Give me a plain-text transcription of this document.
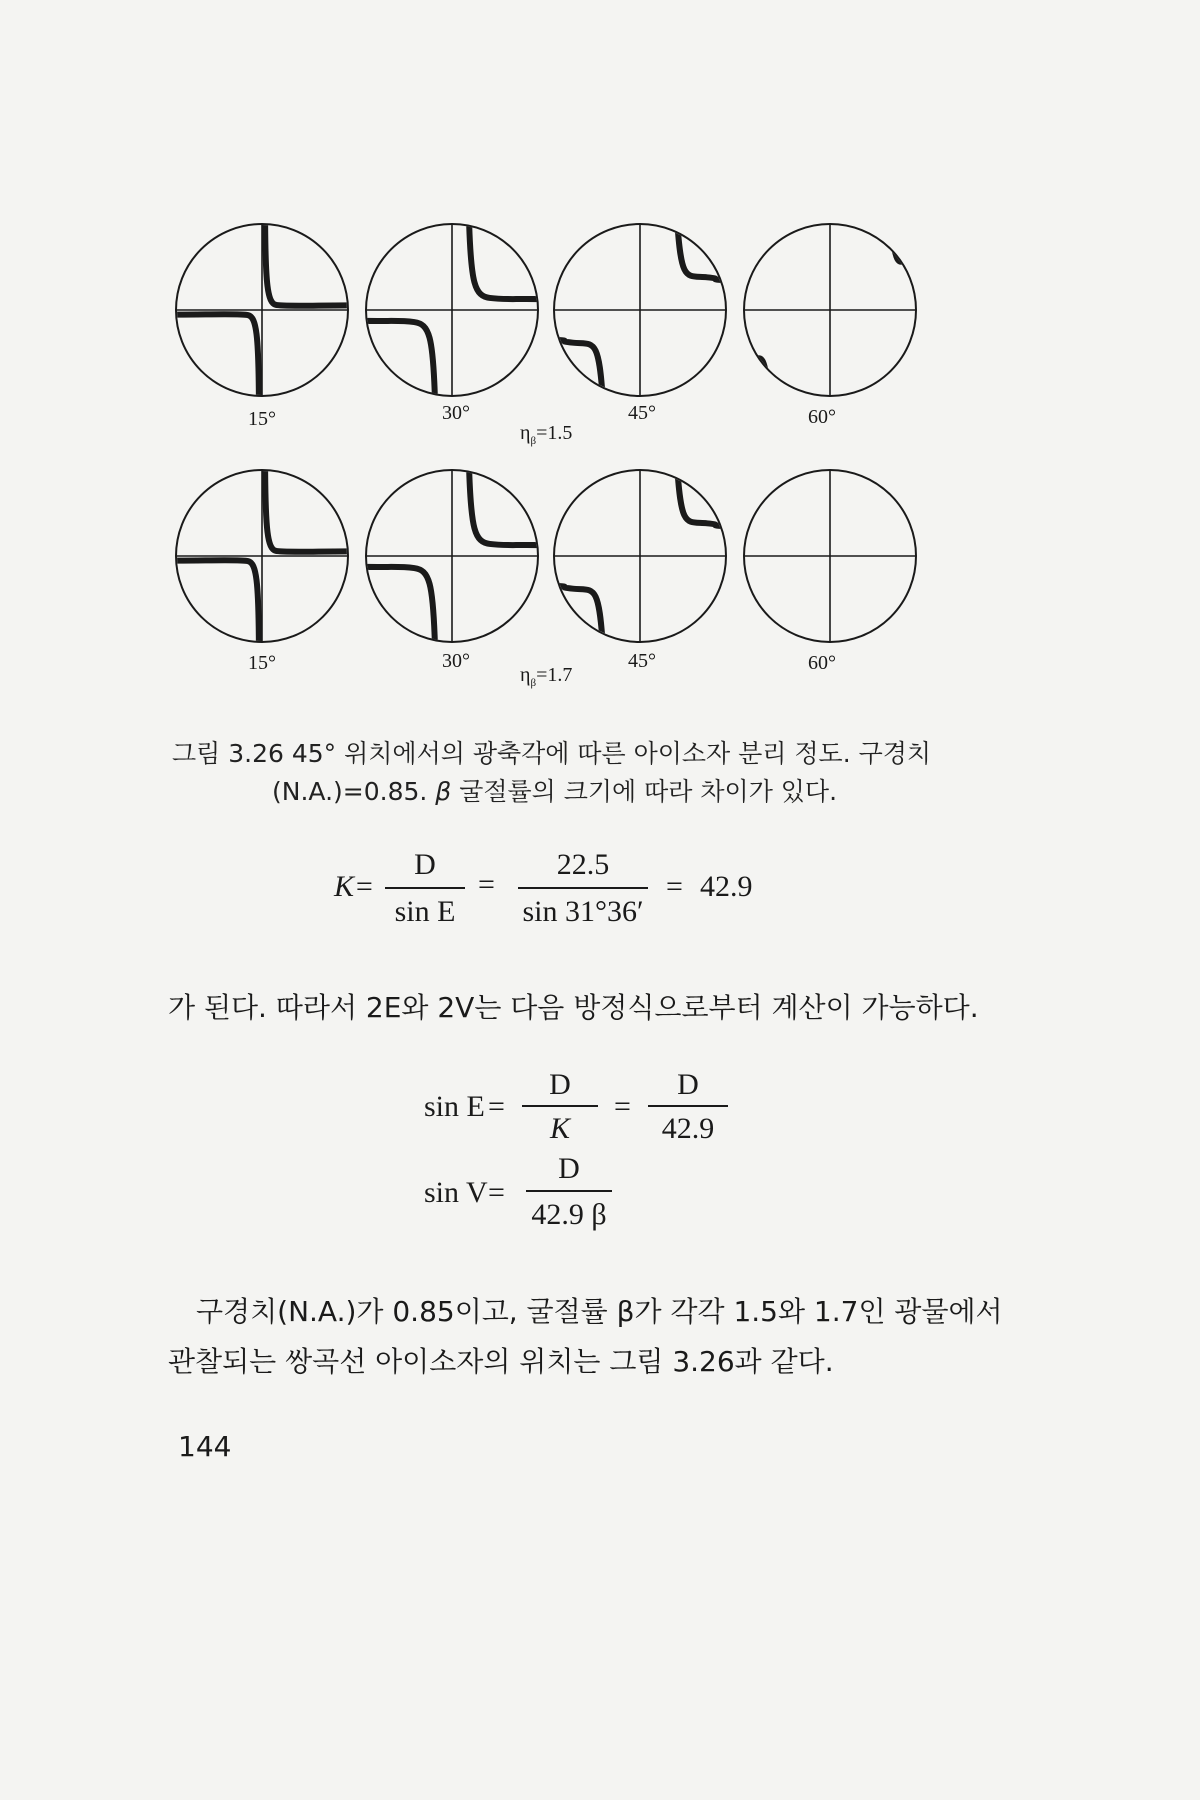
15°	30°	45°	60°
$\eta_\beta=1.5$
15°	30°	45°	60°
$\eta_\beta=1.7$
그림 3.26 45° 위치에서의 광축각에 따른 아이소자 분리 정도. 구경치
(N.A.)=0.85. β 굴절률의 크기에 따라 차이가 있다.
K=
D
sin E
=
22.5
sin 31°36′
= 42.9
가 된다. 따라서 2E와 2V는 다음 방정식으로부터 계산이 가능하다.
sin E =
D
K
=
D
42.9
sin V =
D
42.9 β
구경치(N.A.)가 0.85이고, 굴절률 β가 각각 1.5와 1.7인 광물에서
관찰되는 쌍곡선 아이소자의 위치는 그림 3.26과 같다.
144
